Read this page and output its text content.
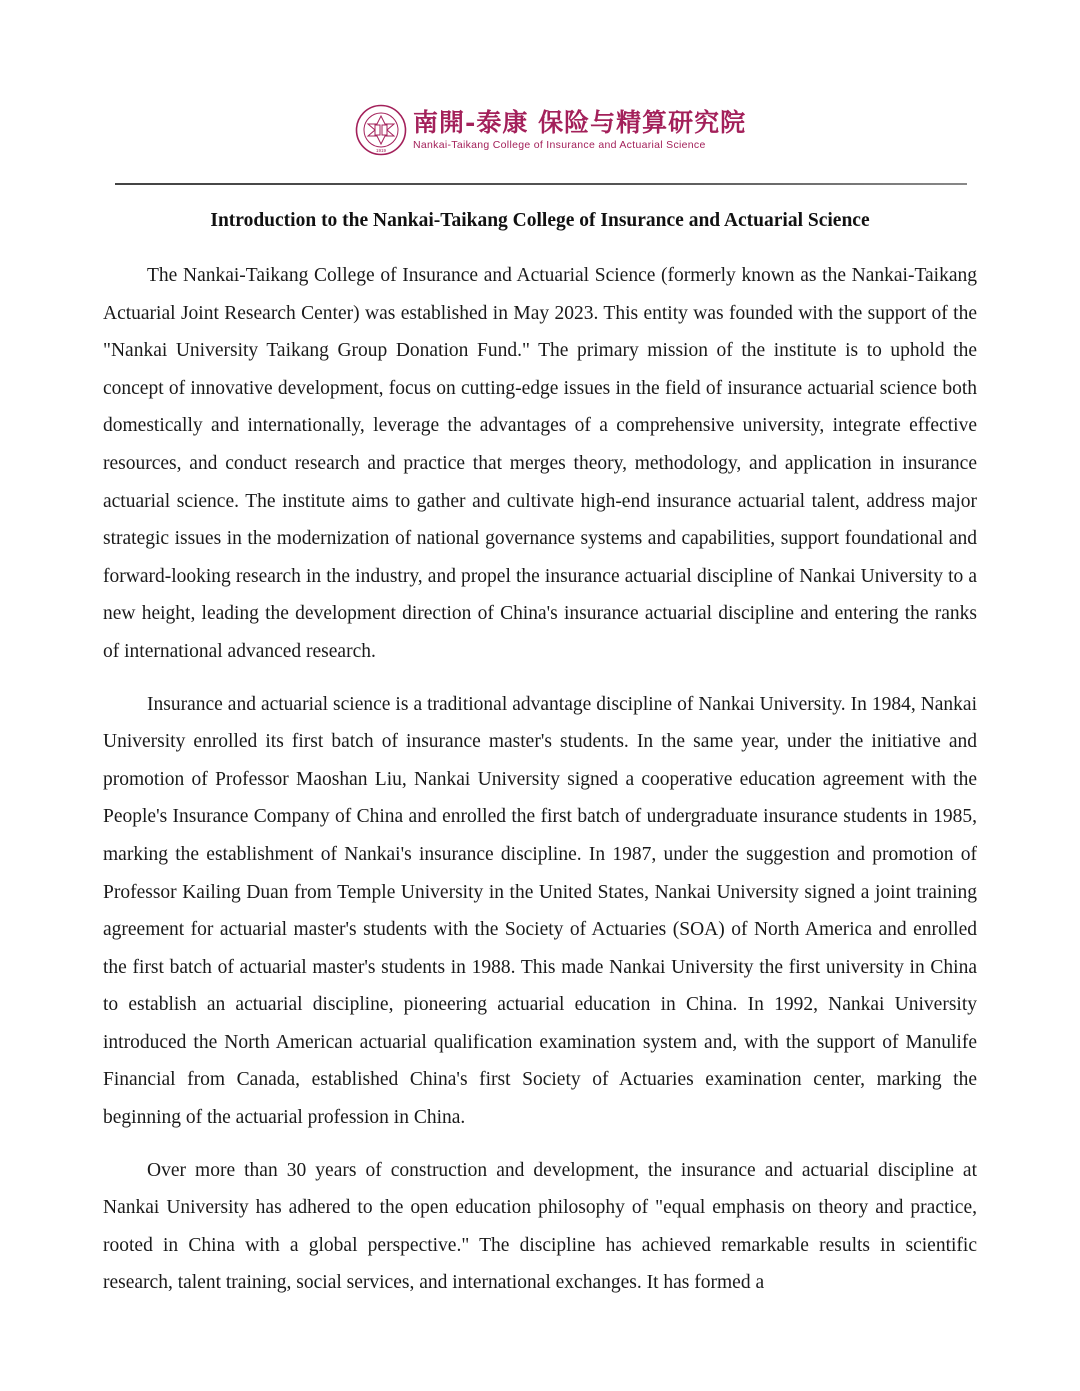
1919
南開-泰康 保险与精算研究院
Nankai-Taikang College of Insurance and Actuarial Science
Introduction to the Nankai-Taikang College of Insurance and Actuarial Science

The Nankai-Taikang College of Insurance and Actuarial Science (formerly known as the Nankai-Taikang Actuarial Joint Research Center) was established in May 2023. This entity was founded with the support of the "Nankai University Taikang Group Donation Fund." The primary mission of the institute is to uphold the concept of innovative development, focus on cutting-edge issues in the field of insurance actuarial science both domestically and internationally, leverage the advantages of a comprehensive university, integrate effective resources, and conduct research and practice that merges theory, methodology, and application in insurance actuarial science. The institute aims to gather and cultivate high-end insurance actuarial talent, address major strategic issues in the modernization of national governance systems and capabilities, support foundational and forward-looking research in the industry, and propel the insurance actuarial discipline of Nankai University to a new height, leading the development direction of China's insurance actuarial discipline and entering the ranks of international advanced research.

Insurance and actuarial science is a traditional advantage discipline of Nankai University. In 1984, Nankai University enrolled its first batch of insurance master's students. In the same year, under the initiative and promotion of Professor Maoshan Liu, Nankai University signed a cooperative education agreement with the People's Insurance Company of China and enrolled the first batch of undergraduate insurance students in 1985, marking the establishment of Nankai's insurance discipline. In 1987, under the suggestion and promotion of Professor Kailing Duan from Temple University in the United States, Nankai University signed a joint training agreement for actuarial master's students with the Society of Actuaries (SOA) of North America and enrolled the first batch of actuarial master's students in 1988. This made Nankai University the first university in China to establish an actuarial discipline, pioneering actuarial education in China. In 1992, Nankai University introduced the North American actuarial qualification examination system and, with the support of Manulife Financial from Canada, established China's first Society of Actuaries examination center, marking the beginning of the actuarial profession in China.

Over more than 30 years of construction and development, the insurance and actuarial discipline at Nankai University has adhered to the open education philosophy of "equal emphasis on theory and practice, rooted in China with a global perspective." The discipline has achieved remarkable results in scientific research, talent training, social services, and international exchanges. It has formed a
